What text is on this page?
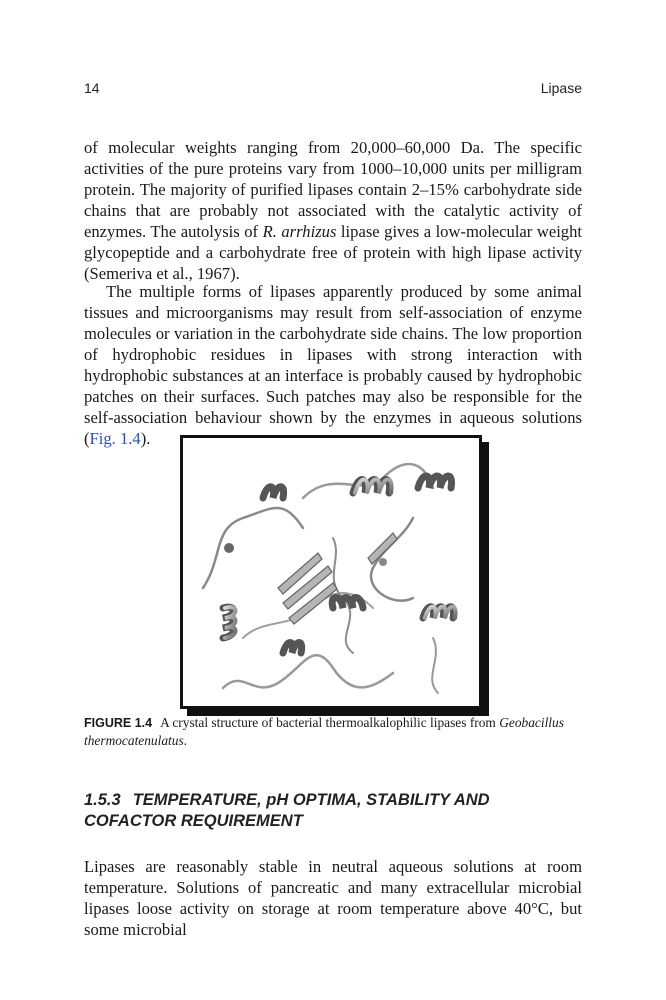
14	Lipase

of molecular weights ranging from 20,000–60,000 Da. The specific activities of the pure proteins vary from 1000–10,000 units per milligram protein. The majority of purified lipases contain 2–15% carbohydrate side chains that are probably not associated with the catalytic activity of enzymes. The autolysis of R. arrhizus lipase gives a low-molecular weight glycopeptide and a carbohydrate free of protein with high lipase activity (Semeriva et al., 1967).

The multiple forms of lipases apparently produced by some animal tissues and microorganisms may result from self-association of enzyme molecules or variation in the carbohydrate side chains. The low proportion of hydrophobic residues in lipases with strong interaction with hydrophobic substances at an interface is probably caused by hydrophobic patches on their surfaces. Such patches may also be responsible for the self-association behaviour shown by the enzymes in aqueous solutions (Fig. 1.4).

FIGURE 1.4 A crystal structure of bacterial thermoalkalophilic lipases from Geobacillus thermocatenulatus.
1.5.3 TEMPERATURE, pH OPTIMA, STABILITY AND COFACTOR REQUIREMENT

Lipases are reasonably stable in neutral aqueous solutions at room temperature. Solutions of pancreatic and many extracellular microbial lipases loose activity on storage at room temperature above 40°C, but some microbial
